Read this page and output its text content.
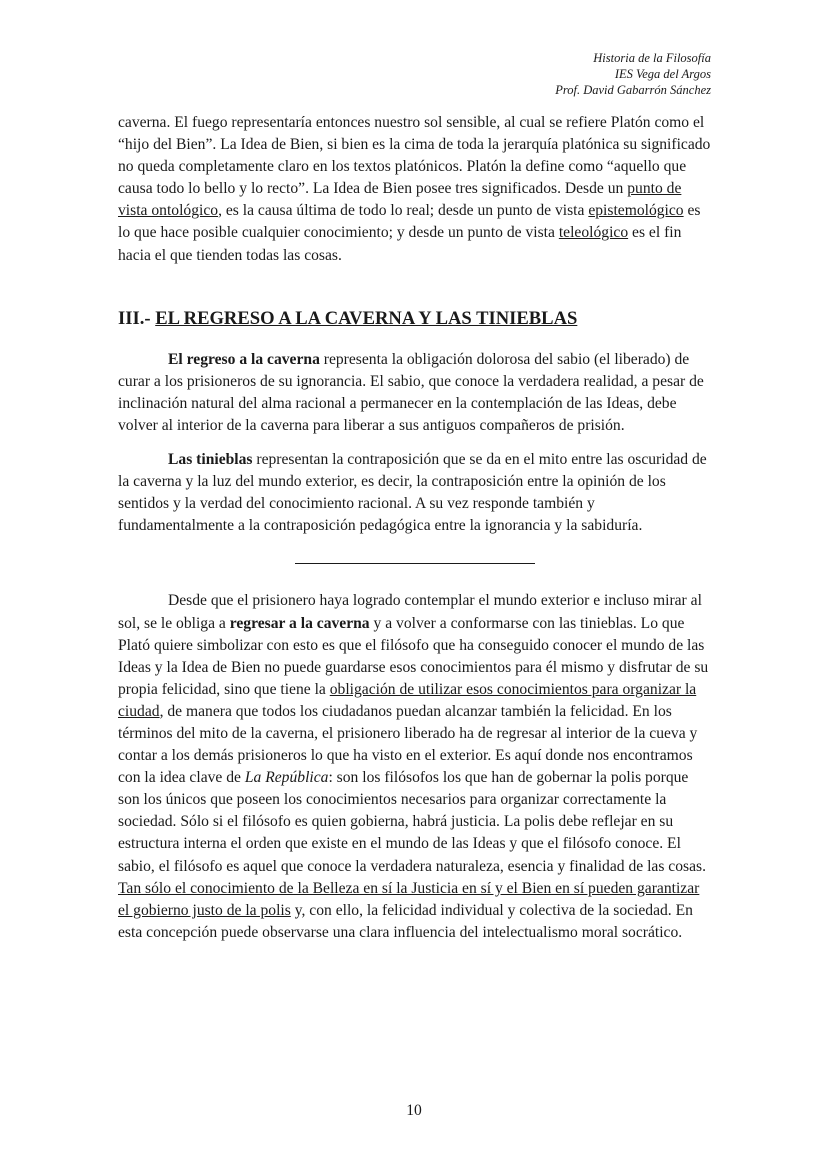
Historia de la Filosofía
IES Vega del Argos
Prof. David Gabarrón Sánchez

caverna. El fuego representaría entonces nuestro sol sensible, al cual se refiere Platón como el “hijo del Bien”. La Idea de Bien, si bien es la cima de toda la jerarquía platónica su significado no queda completamente claro en los textos platónicos. Platón la define como “aquello que causa todo lo bello y lo recto”. La Idea de Bien posee tres significados. Desde un punto de vista ontológico, es la causa última de todo lo real; desde un punto de vista epistemológico es lo que hace posible cualquier conocimiento; y desde un punto de vista teleológico es el fin hacia el que tienden todas las cosas.

III.- EL REGRESO A LA CAVERNA Y LAS TINIEBLAS

El regreso a la caverna representa la obligación dolorosa del sabio (el liberado) de curar a los prisioneros de su ignorancia. El sabio, que conoce la verdadera realidad, a pesar de inclinación natural del alma racional a permanecer en la contemplación de las Ideas, debe volver al interior de la caverna para liberar a sus antiguos compañeros de prisión.

Las tinieblas representan la contraposición que se da en el mito entre las oscuridad de la caverna y la luz del mundo exterior, es decir, la contraposición entre la opinión de los sentidos y la verdad del conocimiento racional. A su vez responde también y fundamentalmente a la contraposición pedagógica entre la ignorancia y la sabiduría.

Desde que el prisionero haya logrado contemplar el mundo exterior e incluso mirar al sol, se le obliga a regresar a la caverna y a volver a conformarse con las tinieblas. Lo que Plató quiere simbolizar con esto es que el filósofo que ha conseguido conocer el mundo de las Ideas y la Idea de Bien no puede guardarse esos conocimientos para él mismo y disfrutar de su propia felicidad, sino que tiene la obligación de utilizar esos conocimientos para organizar la ciudad, de manera que todos los ciudadanos puedan alcanzar también la felicidad. En los términos del mito de la caverna, el prisionero liberado ha de regresar al interior de la cueva y contar a los demás prisioneros lo que ha visto en el exterior. Es aquí donde nos encontramos con la idea clave de La República: son los filósofos los que han de gobernar la polis porque son los únicos que poseen los conocimientos necesarios para organizar correctamente la sociedad. Sólo si el filósofo es quien gobierna, habrá justicia. La polis debe reflejar en su estructura interna el orden que existe en el mundo de las Ideas y que el filósofo conoce. El sabio, el filósofo es aquel que conoce la verdadera naturaleza, esencia y finalidad de las cosas. Tan sólo el conocimiento de la Belleza en sí la Justicia en sí y el Bien en sí pueden garantizar el gobierno justo de la polis y, con ello, la felicidad individual y colectiva de la sociedad. En esta concepción puede observarse una clara influencia del intelectualismo moral socrático.

10
